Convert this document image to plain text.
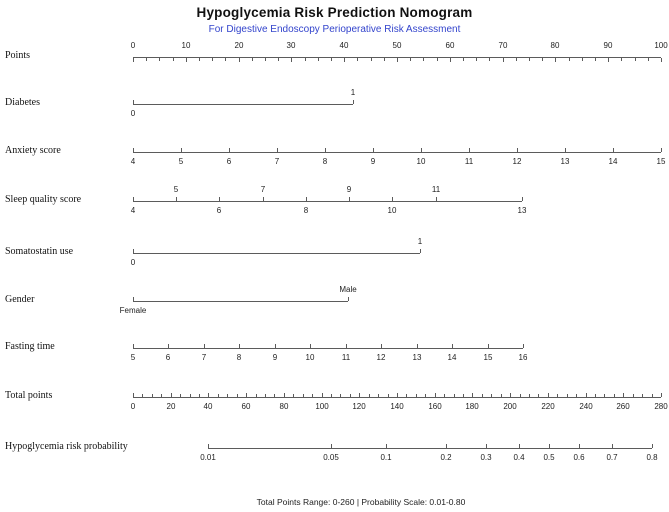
Hypoglycemia Risk Prediction Nomogram
For Digestive Endoscopy Perioperative Risk Assessment
Total Points Range: 0-260 | Probability Scale: 0.01-0.80
Points
0	10	20	30	40	50	60	70	80	90	100
Diabetes
0
1
Anxiety score
4	5	6	7	8	9	10	11	12	13	14	15
Sleep quality score
4
5
6
7
8
9
10
11
13
Somatostatin use
0
1
Gender
Female
Male
Fasting time
5	6	7	8	9	10	11	12	13	14	15	16
Total points
0	20	40	60	80	100	120	140	160	180	200	220	240	260	280
Hypoglycemia risk probability
0.01	0.05	0.1	0.2	0.3	0.4 0.5 0.6	0.7	0.8
